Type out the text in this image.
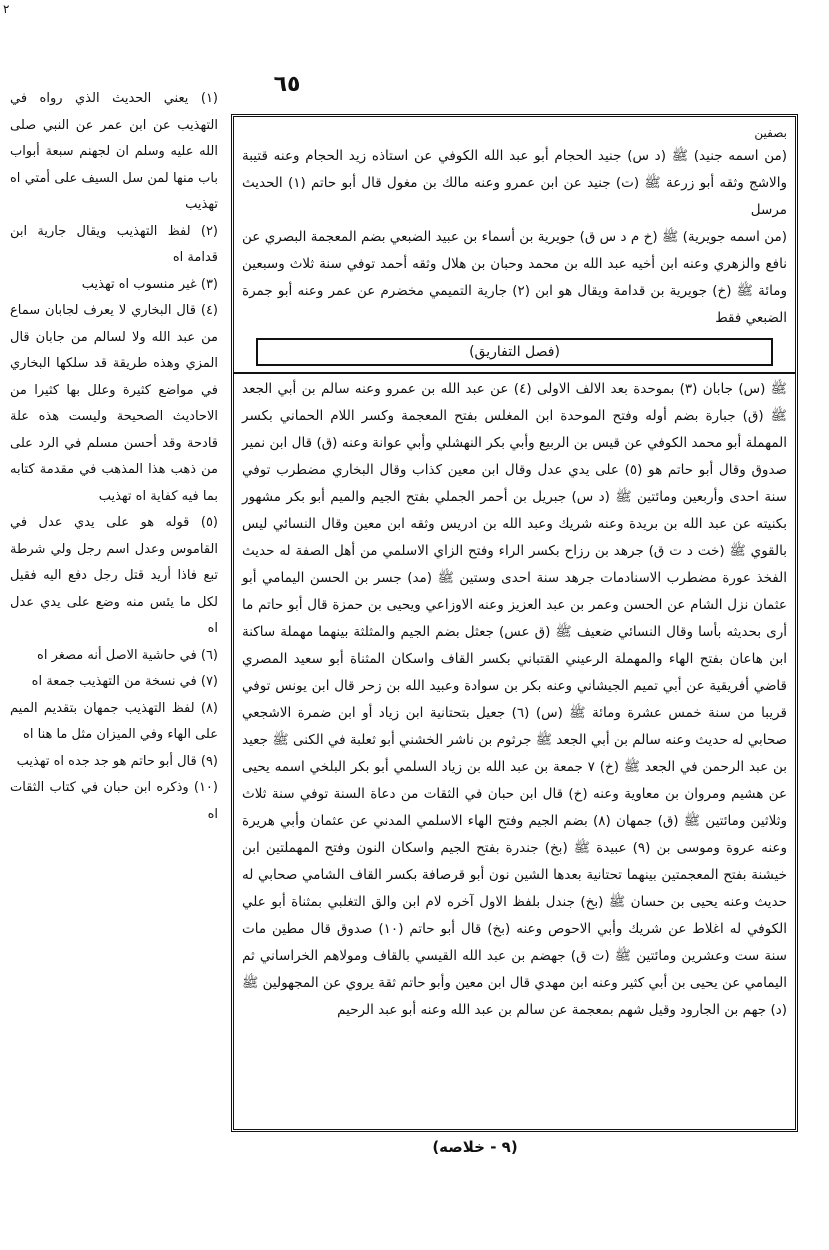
٢
٦٥
بصفين

(من اسمه جنيد) ﷺ (د س) جنيد الحجام أبو عبد الله الكوفي عن استاذه زيد الحجام وعنه قتيبة والاشج وثقه أبو زرعة ﷺ (ت) جنيد عن ابن عمرو وعنه مالك بن مغول قال أبو حاتم (١) الحديث مرسل

(من اسمه جويرية) ﷺ (خ م د س ق) جويرية بن أسماء بن عبيد الضبعي بضم المعجمة البصري عن نافع والزهري وعنه ابن أخيه عبد الله بن محمد وحبان بن هلال وثقه أحمد توفي سنة ثلاث وسبعين ومائة ﷺ (خ) جويرية بن قدامة ويقال هو ابن (٢) جارية التميمي مخضرم عن عمر وعنه أبو جمرة الضبعي فقط

(فصل التفاريق)

ﷺ (س) جابان (٣) بموحدة بعد الالف الاولى (٤) عن عبد الله بن عمرو وعنه سالم بن أبي الجعد ﷺ (ق) جبارة بضم أوله وفتح الموحدة ابن المغلس بفتح المعجمة وكسر اللام الحماني بكسر المهملة أبو محمد الكوفي عن قيس بن الربيع وأبي بكر النهشلي وأبي عوانة وعنه (ق) قال ابن نمير صدوق وقال أبو حاتم هو (٥) على يدي عدل وقال ابن معين كذاب وقال البخاري مضطرب توفي سنة احدى وأربعين ومائتين ﷺ (د س) جبريل بن أحمر الجملي بفتح الجيم والميم أبو بكر مشهور بكنيته عن عبد الله بن بريدة وعنه شريك وعبد الله بن ادريس وثقه ابن معين وقال النسائي ليس بالقوي ﷺ (خت د ت ق) جرهد بن رزاح بكسر الراء وفتح الزاي الاسلمي من أهل الصفة له حديث الفخذ عورة مضطرب الاسنادمات جرهد سنة احدى وستين ﷺ (مد) جسر بن الحسن اليمامي أبو عثمان نزل الشام عن الحسن وعمر بن عبد العزيز وعنه الاوزاعي ويحيى بن حمزة قال أبو حاتم ما أرى بحديثه بأسا وقال النسائي ضعيف ﷺ (ق عس) جعثل بضم الجيم والمثلثة بينهما مهملة ساكنة ابن هاعان بفتح الهاء والمهملة الرعيني القتباني بكسر القاف واسكان المثناة أبو سعيد المصري قاضي أفريقية عن أبي تميم الجيشاني وعنه بكر بن سوادة وعبيد الله بن زحر قال ابن يونس توفي قريبا من سنة خمس عشرة ومائة ﷺ (س) (٦) جعيل بتحتانية ابن زياد أو ابن ضمرة الاشجعي صحابي له حديث وعنه سالم بن أبي الجعد ﷺ جرثوم بن ناشر الخشني أبو ثعلبة في الكنى ﷺ جعيد بن عبد الرحمن في الجعد ﷺ (خ) ٧ جمعة بن عبد الله بن زياد السلمي أبو بكر البلخي اسمه يحيى عن هشيم ومروان بن معاوية وعنه (خ) قال ابن حبان في الثقات من دعاة السنة توفي سنة ثلاث وثلاثين ومائتين ﷺ (ق) جمهان (٨) بضم الجيم وفتح الهاء الاسلمي المدني عن عثمان وأبي هريرة وعنه عروة وموسى بن (٩) عبيدة ﷺ (بخ) جندرة بفتح الجيم واسكان النون وفتح المهملتين ابن خيشنة بفتح المعجمتين بينهما تحتانية بعدها الشين نون أبو قرصافة بكسر القاف الشامي صحابي له حديث وعنه يحيى بن حسان ﷺ (بخ) جندل بلفظ الاول آخره لام ابن والق التغلبي بمثناة أبو علي الكوفي له اغلاط عن شريك وأبي الاحوص وعنه (بخ) قال أبو حاتم (١٠) صدوق قال مطين مات سنة ست وعشرين ومائتين ﷺ (ت ق) جهضم بن عبد الله القيسي بالقاف ومولاهم الخراساني ثم اليمامي عن يحيى بن أبي كثير وعنه ابن مهدي قال ابن معين وأبو حاتم ثقة يروي عن المجهولين ﷺ (د) جهم بن الجارود وقيل شهم بمعجمة عن سالم بن عبد الله وعنه أبو عبد الرحيم

(٩ - خلاصه)

(١) يعني الحديث الذي رواه في التهذيب عن ابن عمر عن النبي صلى الله عليه وسلم ان لجهنم سبعة أبواب باب منها لمن سل السيف على أمتي اه تهذيب

(٢) لفظ التهذيب ويقال جارية ابن قدامة اه

(٣) غير منسوب اه تهذيب

(٤) قال البخاري لا يعرف لجابان سماع من عبد الله ولا لسالم من جابان قال المزي وهذه طريقة قد سلكها البخاري في مواضع كثيرة وعلل بها كثيرا من الاحاديث الصحيحة وليست هذه علة قادحة وقد أحسن مسلم في الرد على من ذهب هذا المذهب في مقدمة كتابه بما فيه كفاية اه تهذيب

(٥) قوله هو على يدي عدل في القاموس وعدل اسم رجل ولي شرطة تبع فاذا أريد قتل رجل دفع اليه فقيل لكل ما يئس منه وضع على يدي عدل اه

(٦) في حاشية الاصل أنه مصغر اه

(٧) في نسخة من التهذيب جمعة اه

(٨) لفظ التهذيب جمهان بتقديم الميم على الهاء وفي الميزان مثل ما هنا اه

(٩) قال أبو حاتم هو جد جده اه تهذيب

(١٠) وذكره ابن حبان في كتاب الثقات اه
